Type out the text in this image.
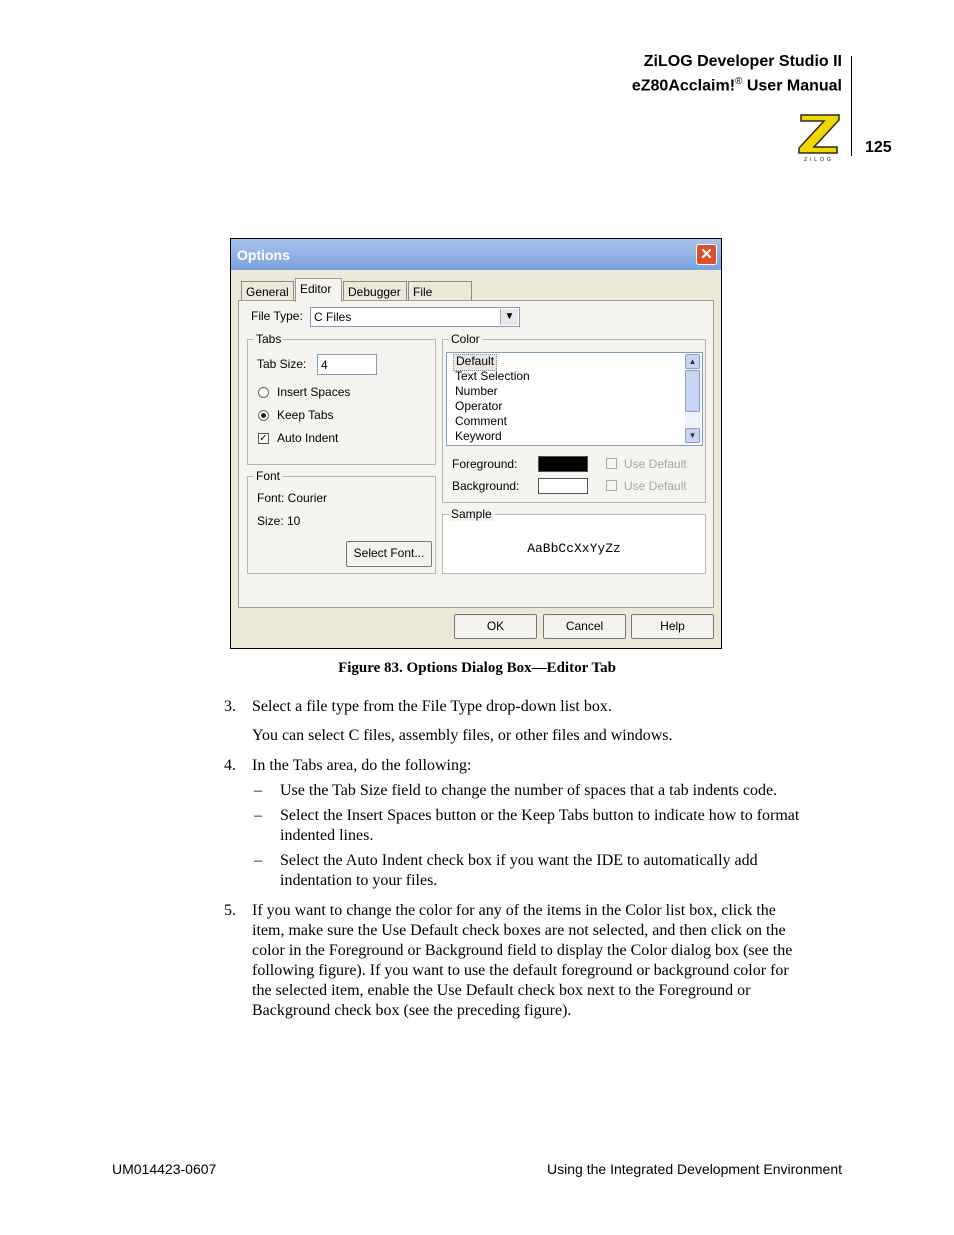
ZiLOG Developer Studio II
eZ80Acclaim!® User Manual
ZiLOG
125
Options	✕
General Editor	Debugger	File
File Type: C Files	▼
Tabs
Tab Size:
4
Insert Spaces
Keep Tabs
✓ Auto Indent
Font
Font: Courier
Size: 10
Select Font...
Color
Default
Text Selection
Number
Operator
Comment
Keyword
▲
▼
Foreground:	Use Default
Background:	Use Default
Sample
AaBbCcXxYyZz
OK	Cancel	Help
Figure 83. Options Dialog Box—Editor Tab
3. Select a file type from the File Type drop-down list box.
You can select C files, assembly files, or other files and windows.
4. In the Tabs area, do the following:
– Use the Tab Size field to change the number of spaces that a tab indents code.
– Select the Insert Spaces button or the Keep Tabs button to indicate how to format
indented lines.
– Select the Auto Indent check box if you want the IDE to automatically add
indentation to your files.
5. If you want to change the color for any of the items in the Color list box, click the
item, make sure the Use Default check boxes are not selected, and then click on the
color in the Foreground or Background field to display the Color dialog box (see the
following figure). If you want to use the default foreground or background color for
the selected item, enable the Use Default check box next to the Foreground or
Background check box (see the preceding figure).
UM014423-0607	Using the Integrated Development Environment
